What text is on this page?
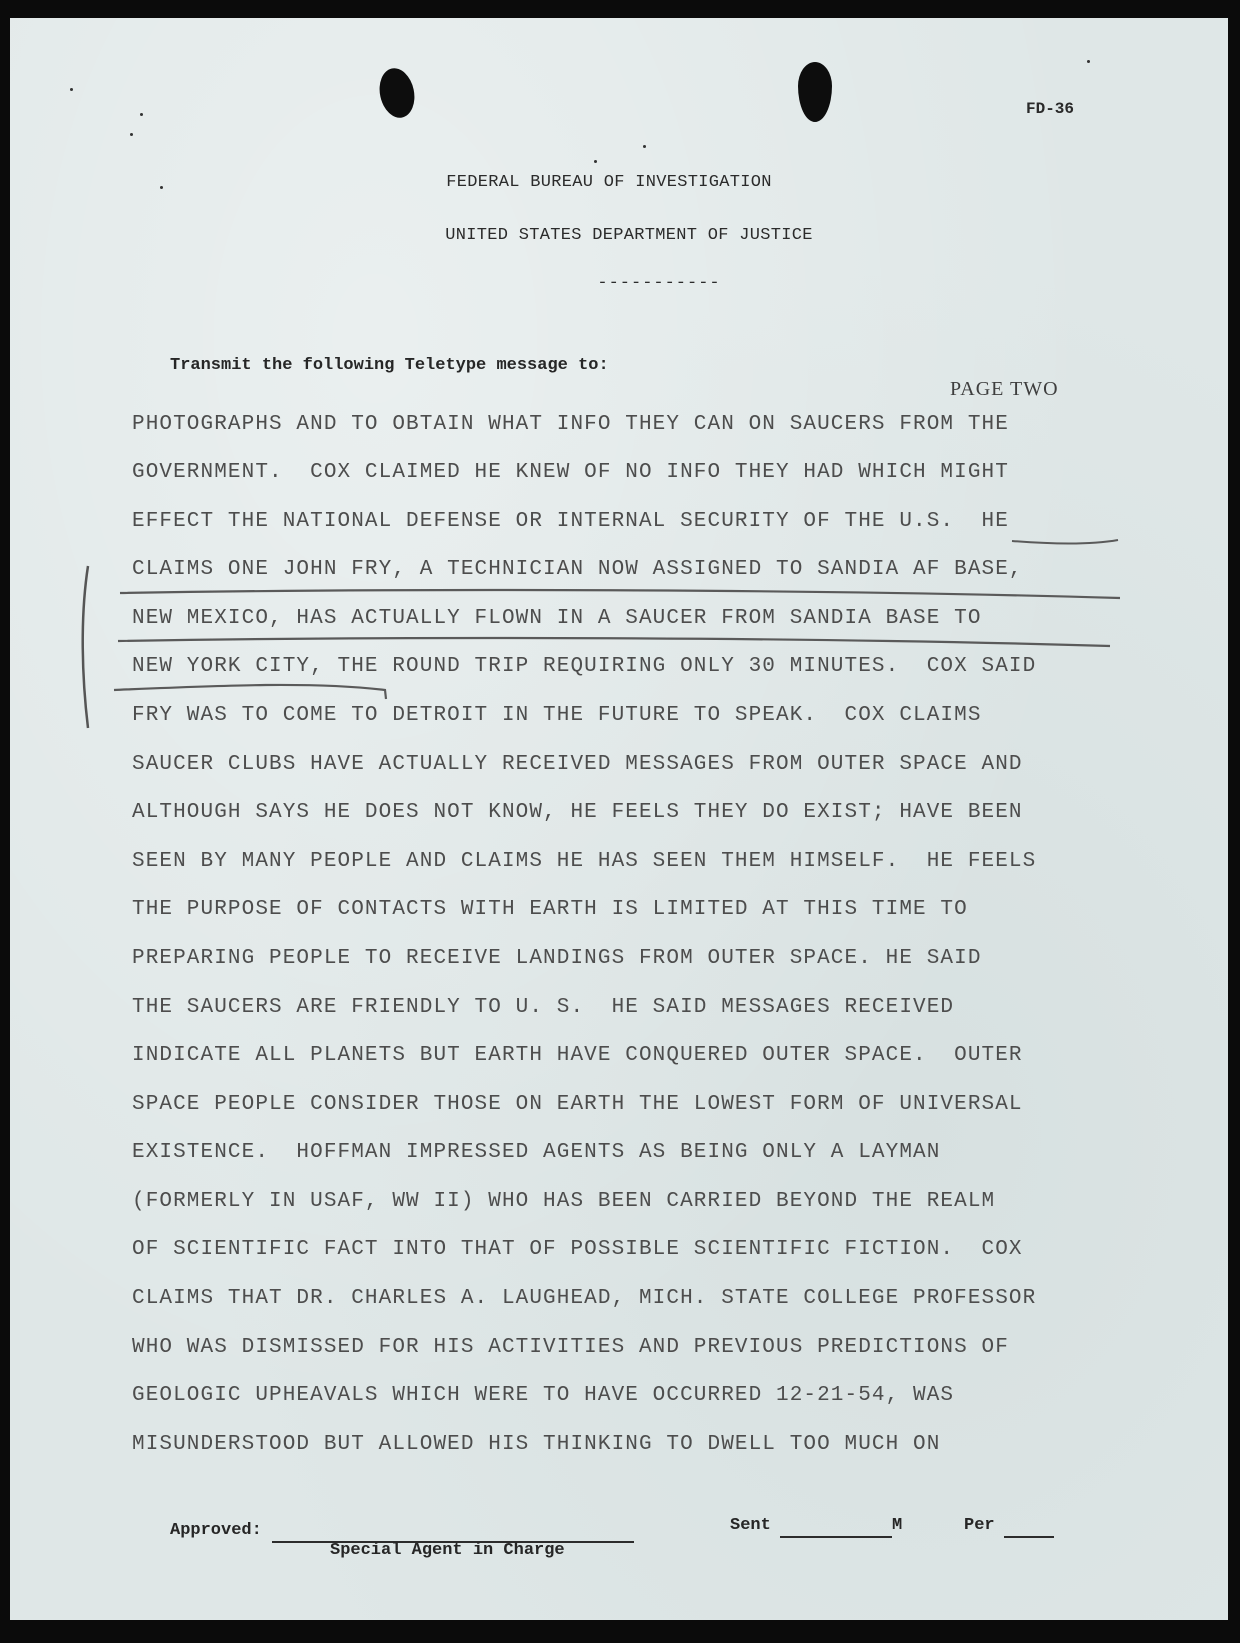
FD-36
FEDERAL BUREAU OF INVESTIGATION
UNITED STATES DEPARTMENT OF JUSTICE
-----------
Transmit the following Teletype message to:
PAGE TWO
PHOTOGRAPHS AND TO OBTAIN WHAT INFO THEY CAN ON SAUCERS FROM THE
GOVERNMENT.  COX CLAIMED HE KNEW OF NO INFO THEY HAD WHICH MIGHT
EFFECT THE NATIONAL DEFENSE OR INTERNAL SECURITY OF THE U.S.  HE
CLAIMS ONE JOHN FRY, A TECHNICIAN NOW ASSIGNED TO SANDIA AF BASE,
NEW MEXICO, HAS ACTUALLY FLOWN IN A SAUCER FROM SANDIA BASE TO
NEW YORK CITY, THE ROUND TRIP REQUIRING ONLY 30 MINUTES.  COX SAID
FRY WAS TO COME TO DETROIT IN THE FUTURE TO SPEAK.  COX CLAIMS
SAUCER CLUBS HAVE ACTUALLY RECEIVED MESSAGES FROM OUTER SPACE AND
ALTHOUGH SAYS HE DOES NOT KNOW, HE FEELS THEY DO EXIST; HAVE BEEN
SEEN BY MANY PEOPLE AND CLAIMS HE HAS SEEN THEM HIMSELF.  HE FEELS
THE PURPOSE OF CONTACTS WITH EARTH IS LIMITED AT THIS TIME TO
PREPARING PEOPLE TO RECEIVE LANDINGS FROM OUTER SPACE. HE SAID
THE SAUCERS ARE FRIENDLY TO U. S.  HE SAID MESSAGES RECEIVED
INDICATE ALL PLANETS BUT EARTH HAVE CONQUERED OUTER SPACE.  OUTER
SPACE PEOPLE CONSIDER THOSE ON EARTH THE LOWEST FORM OF UNIVERSAL
EXISTENCE.  HOFFMAN IMPRESSED AGENTS AS BEING ONLY A LAYMAN
(FORMERLY IN USAF, WW II) WHO HAS BEEN CARRIED BEYOND THE REALM
OF SCIENTIFIC FACT INTO THAT OF POSSIBLE SCIENTIFIC FICTION.  COX
CLAIMS THAT DR. CHARLES A. LAUGHEAD, MICH. STATE COLLEGE PROFESSOR
WHO WAS DISMISSED FOR HIS ACTIVITIES AND PREVIOUS PREDICTIONS OF
GEOLOGIC UPHEAVALS WHICH WERE TO HAVE OCCURRED 12-21-54, WAS
MISUNDERSTOOD BUT ALLOWED HIS THINKING TO DWELL TOO MUCH ON
Approved:	Sent	M	Per
Special Agent in Charge
